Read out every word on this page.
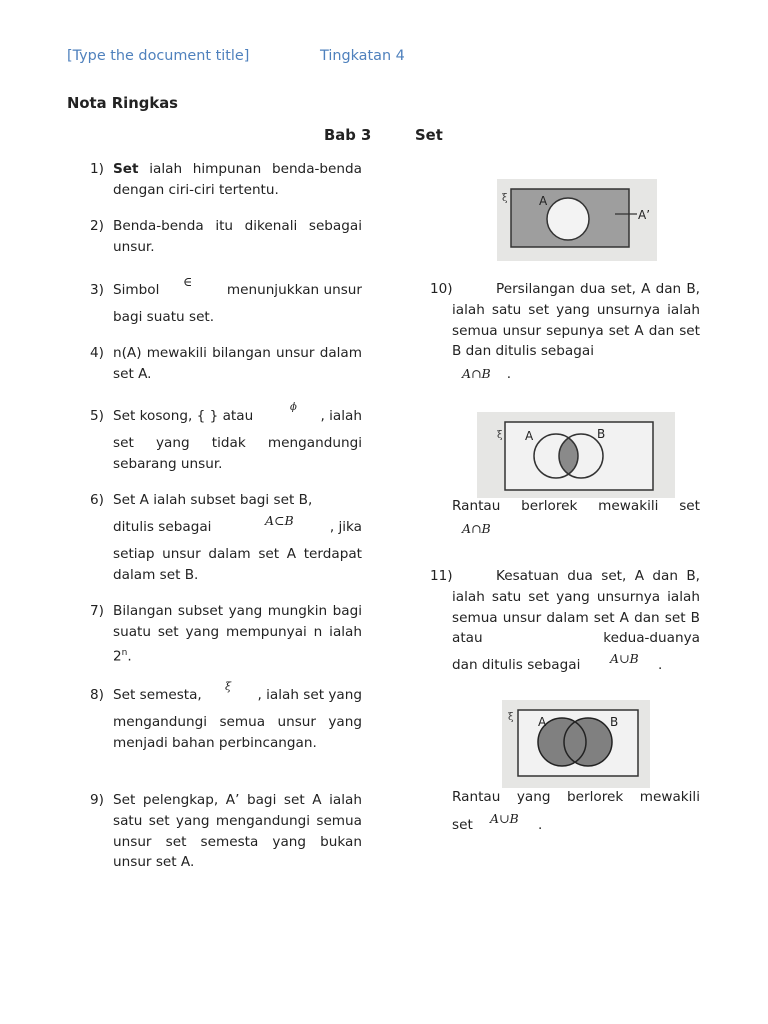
[Type the document title]	Tingkatan 4
Nota Ringkas
Bab 3	Set
1) Set ialah himpunan benda-benda dengan ciri-ciri tertentu.
2) Benda-benda itu dikenali sebagai unsur.
3) Simbol
∈
menunjukkan unsur
bagi suatu set.
4) n(A) mewakili bilangan unsur dalam set A.
5) Set kosong, { } atau
ϕ
, ialah
set yang tidak mengandungi sebarang unsur.
6) Set A ialah subset bagi set B,
ditulis sebagai	A⊂B	, jika
setiap unsur dalam set A terdapat dalam set B.
7) Bilangan subset yang mungkin bagi suatu set yang mempunyai n ialah 2$^n$.
8) Set semesta,
ξ
, ialah set yang
mengandungi semua unsur yang menjadi bahan perbincangan.
9) Set pelengkap, A’ bagi set A ialah satu set yang mengandungi semua unsur set semesta yang bukan unsur set A.
ξ	A
A’
10)	Persilangan dua set, A dan B, ialah satu set yang unsurnya ialah semua unsur sepunya set A dan set B dan ditulis sebagai
A∩B .
ξ A	B
Rantau berlorek mewakili set
A∩B
11)	Kesatuan dua set, A dan B, ialah satu set yang unsurnya ialah semua unsur dalam set A dan set B atau kedua-duanya
dan ditulis sebagai A∪B .
ξ A	B
Rantau yang berlorek mewakili
set A∪B .
